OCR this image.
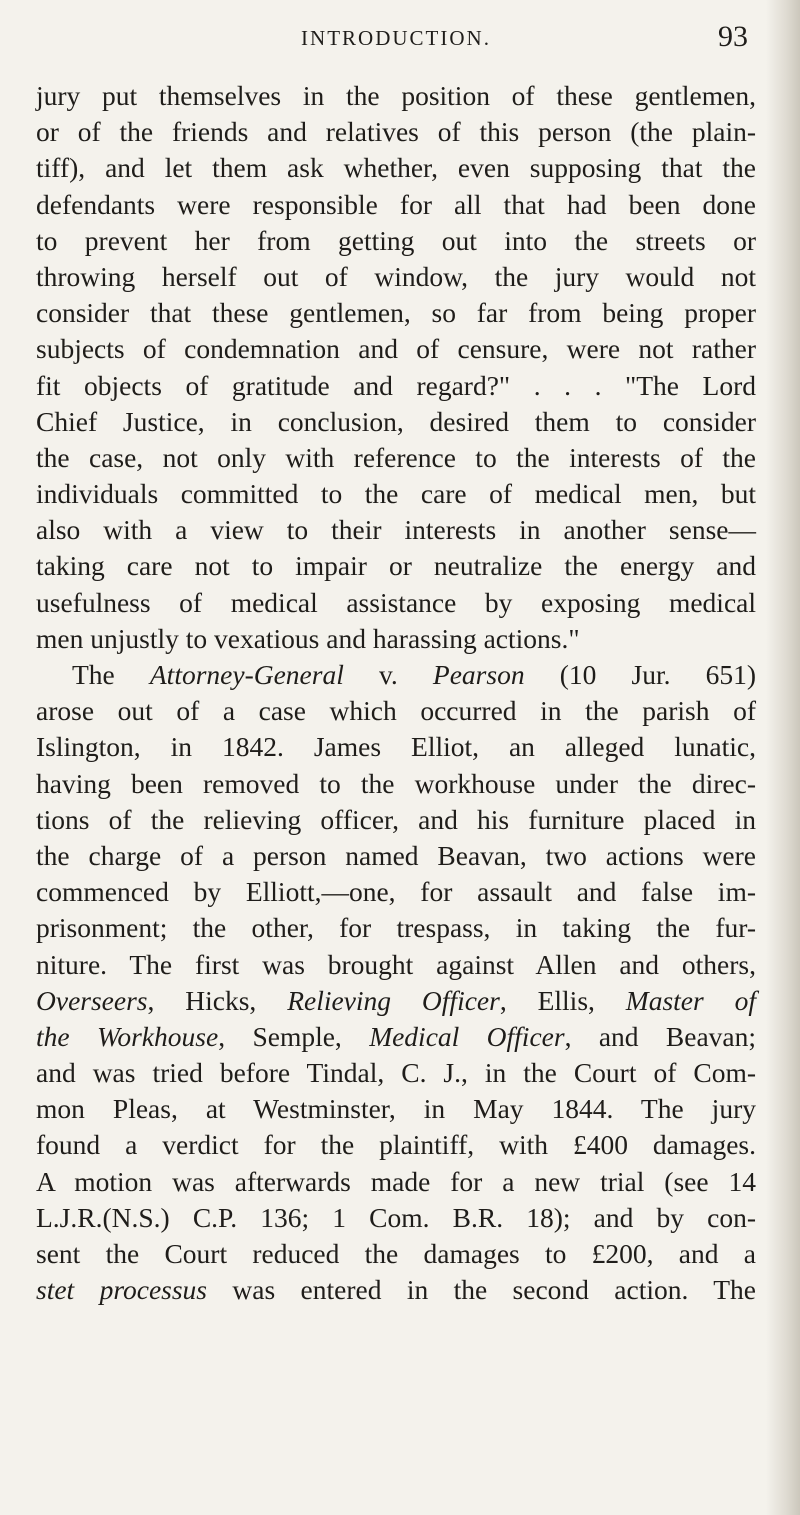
INTRODUCTION.	93
jury put themselves in the position of these gentlemen,
or of the friends and relatives of this person (the plain-
tiff), and let them ask whether, even supposing that the
defendants were responsible for all that had been done
to prevent her from getting out into the streets or
throwing herself out of window, the jury would not
consider that these gentlemen, so far from being proper
subjects of condemnation and of censure, were not rather
fit objects of gratitude and regard?" . . . "The Lord
Chief Justice, in conclusion, desired them to consider
the case, not only with reference to the interests of the
individuals committed to the care of medical men, but
also with a view to their interests in another sense—
taking care not to impair or neutralize the energy and
usefulness of medical assistance by exposing medical
men unjustly to vexatious and harassing actions."
The Attorney-General v. Pearson (10 Jur. 651)
arose out of a case which occurred in the parish of
Islington, in 1842. James Elliot, an alleged lunatic,
having been removed to the workhouse under the direc-
tions of the relieving officer, and his furniture placed in
the charge of a person named Beavan, two actions were
commenced by Elliott,—one, for assault and false im-
prisonment; the other, for trespass, in taking the fur-
niture. The first was brought against Allen and others,
Overseers, Hicks, Relieving Officer, Ellis, Master of
the Workhouse, Semple, Medical Officer, and Beavan;
and was tried before Tindal, C. J., in the Court of Com-
mon Pleas, at Westminster, in May 1844. The jury
found a verdict for the plaintiff, with £400 damages.
A motion was afterwards made for a new trial (see 14
L.J.R.(N.S.) C.P. 136; 1 Com. B.R. 18); and by con-
sent the Court reduced the damages to £200, and a
stet processus was entered in the second action. The
